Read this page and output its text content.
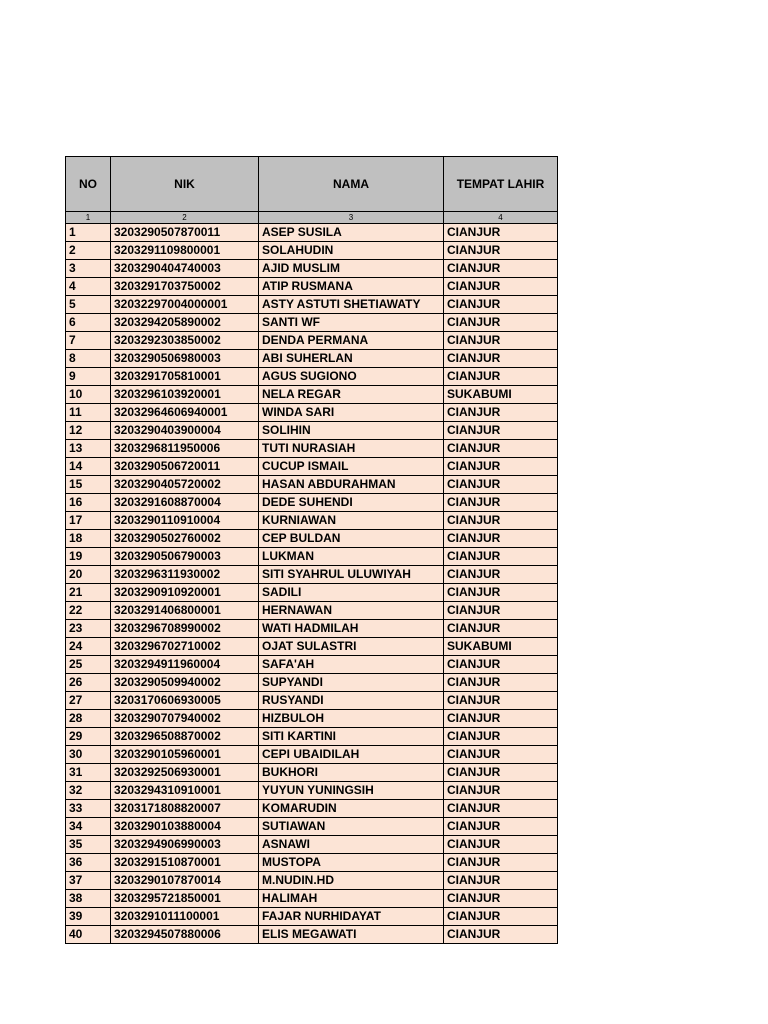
NO	NIK	NAMA	TEMPAT LAHIR
1	2	3	4
1	3203290507870011	ASEP SUSILA	CIANJUR
2	3203291109800001	SOLAHUDIN	CIANJUR
3	3203290404740003	AJID MUSLIM	CIANJUR
4	3203291703750002	ATIP RUSMANA	CIANJUR
5	32032297004000001	ASTY ASTUTI SHETIAWATY	CIANJUR
6	3203294205890002	SANTI WF	CIANJUR
7	3203292303850002	DENDA PERMANA	CIANJUR
8	3203290506980003	ABI SUHERLAN	CIANJUR
9	3203291705810001	AGUS SUGIONO	CIANJUR
10	3203296103920001	NELA REGAR	SUKABUMI
11	32032964606940001	WINDA SARI	CIANJUR
12	3203290403900004	SOLIHIN	CIANJUR
13	3203296811950006	TUTI NURASIAH	CIANJUR
14	3203290506720011	CUCUP ISMAIL	CIANJUR
15	3203290405720002	HASAN ABDURAHMAN	CIANJUR
16	3203291608870004	DEDE SUHENDI	CIANJUR
17	3203290110910004	KURNIAWAN	CIANJUR
18	3203290502760002	CEP BULDAN	CIANJUR
19	3203290506790003	LUKMAN	CIANJUR
20	3203296311930002	SITI SYAHRUL ULUWIYAH	CIANJUR
21	3203290910920001	SADILI	CIANJUR
22	3203291406800001	HERNAWAN	CIANJUR
23	3203296708990002	WATI HADMILAH	CIANJUR
24	3203296702710002	OJAT SULASTRI	SUKABUMI
25	3203294911960004	SAFA'AH	CIANJUR
26	3203290509940002	SUPYANDI	CIANJUR
27	3203170606930005	RUSYANDI	CIANJUR
28	3203290707940002	HIZBULOH	CIANJUR
29	3203296508870002	SITI KARTINI	CIANJUR
30	3203290105960001	CEPI UBAIDILAH	CIANJUR
31	3203292506930001	BUKHORI	CIANJUR
32	3203294310910001	YUYUN YUNINGSIH	CIANJUR
33	3203171808820007	KOMARUDIN	CIANJUR
34	3203290103880004	SUTIAWAN	CIANJUR
35	3203294906990003	ASNAWI	CIANJUR
36	3203291510870001	MUSTOPA	CIANJUR
37	3203290107870014	M.NUDIN.HD	CIANJUR
38	3203295721850001	HALIMAH	CIANJUR
39	3203291011100001	FAJAR NURHIDAYAT	CIANJUR
40	3203294507880006	ELIS MEGAWATI	CIANJUR
